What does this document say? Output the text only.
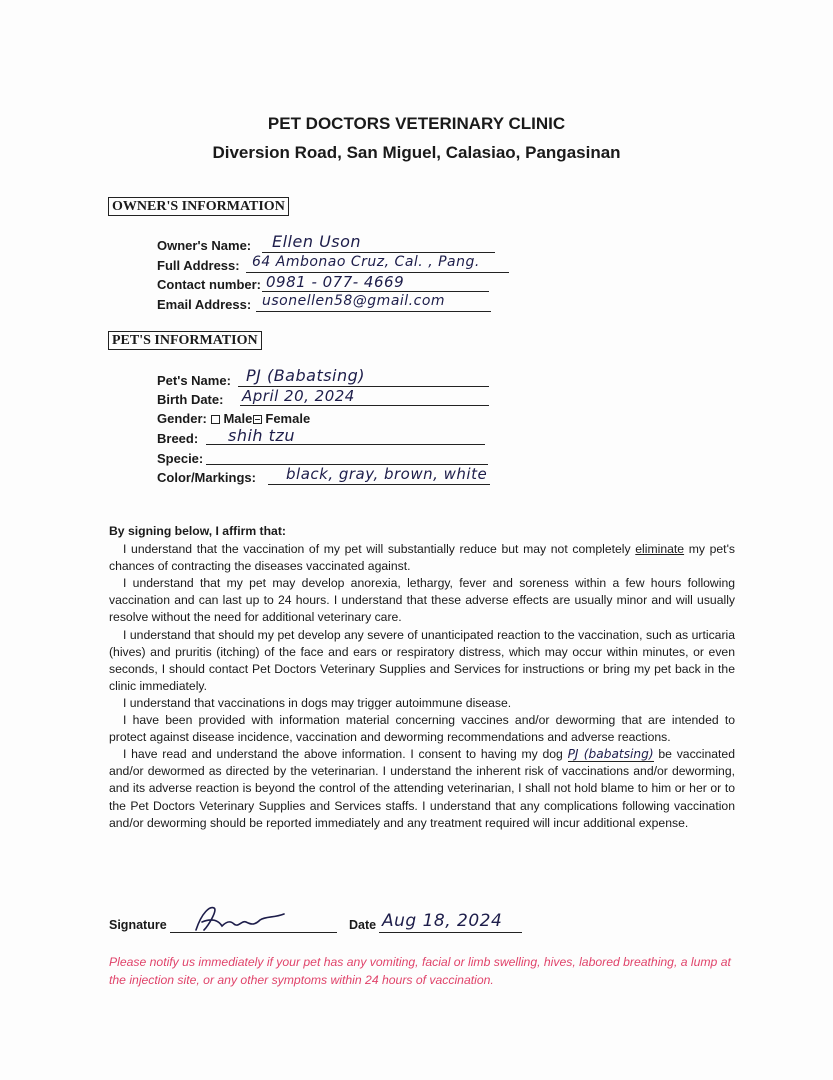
PET DOCTORS VETERINARY CLINIC
Diversion Road, San Miguel, Calasiao, Pangasinan
OWNER'S INFORMATION
Owner's Name: Ellen Uson
Full Address: 64 Ambonao Cruz, Cal. , Pang.
Contact number: 0981 - 077- 4669
Email Address: usonellen58@gmail.com
PET'S INFORMATION
Pet's Name: PJ (Babatsing)
Birth Date: April 20, 2024
Gender: Male Female
Breed: shih tzu
Specie:
Color/Markings: black, gray, brown, white

By signing below, I affirm that:

I understand that the vaccination of my pet will substantially reduce but may not completely eliminate my pet's chances of contracting the diseases vaccinated against.

I understand that my pet may develop anorexia, lethargy, fever and soreness within a few hours following vaccination and can last up to 24 hours. I understand that these adverse effects are usually minor and will usually resolve without the need for additional veterinary care.

I understand that should my pet develop any severe of unanticipated reaction to the vaccination, such as urticaria (hives) and pruritis (itching) of the face and ears or respiratory distress, which may occur within minutes, or even seconds, I should contact Pet Doctors Veterinary Supplies and Services for instructions or bring my pet back in the clinic immediately.

I understand that vaccinations in dogs may trigger autoimmune disease.

I have been provided with information material concerning vaccines and/or deworming that are intended to protect against disease incidence, vaccination and deworming recommendations and adverse reactions.

I have read and understand the above information. I consent to having my dog PJ (babatsing) be vaccinated and/or dewormed as directed by the veterinarian. I understand the inherent risk of vaccinations and/or deworming, and its adverse reaction is beyond the control of the attending veterinarian, I shall not hold blame to him or her or to the Pet Doctors Veterinary Supplies and Services staffs. I understand that any complications following vaccination and/or deworming should be reported immediately and any treatment required will incur additional expense.

Signature	Date Aug 18, 2024
Please notify us immediately if your pet has any vomiting, facial or limb swelling, hives, labored breathing, a lump at the injection site, or any other symptoms within 24 hours of vaccination.
